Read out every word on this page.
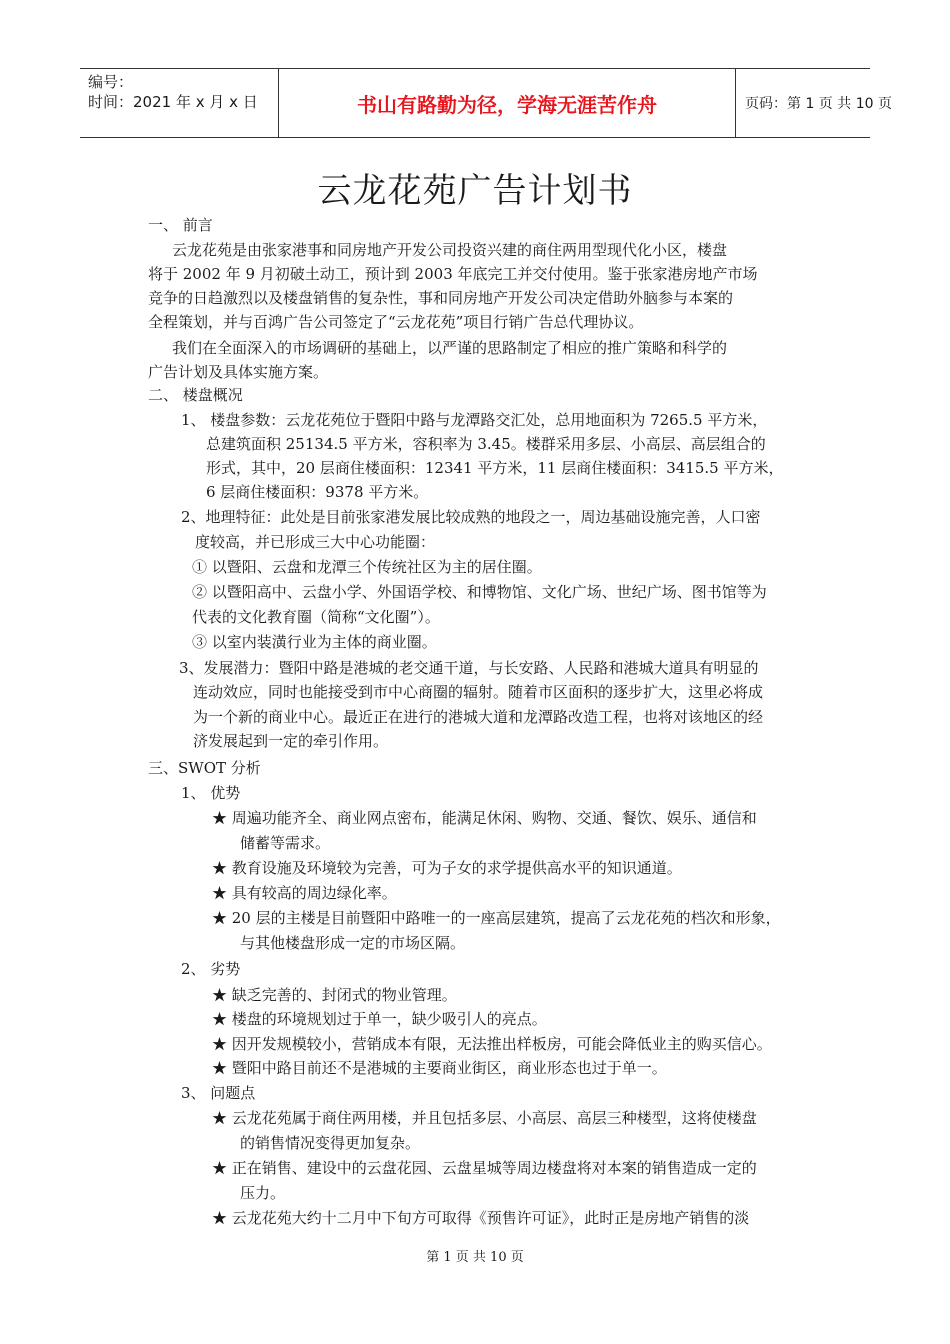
编号：
时间：2021 年 x 月 x 日	书山有路勤为径，学海无涯苦作舟	页码：第 1 页 共 10 页
云龙花苑广告计划书
一、 前言
云龙花苑是由张家港事和同房地产开发公司投资兴建的商住两用型现代化小区，楼盘
将于 2002 年 9 月初破土动工，预计到 2003 年底完工并交付使用。鉴于张家港房地产市场
竞争的日趋激烈以及楼盘销售的复杂性，事和同房地产开发公司决定借助外脑参与本案的
全程策划，并与百鸿广告公司签定了“云龙花苑”项目行销广告总代理协议。
我们在全面深入的市场调研的基础上，以严谨的思路制定了相应的推广策略和科学的
广告计划及具体实施方案。
二、 楼盘概况
1、 楼盘参数：云龙花苑位于暨阳中路与龙潭路交汇处，总用地面积为 7265.5 平方米，
总建筑面积 25134.5 平方米，容积率为 3.45。楼群采用多层、小高层、高层组合的
形式，其中，20 层商住楼面积：12341 平方米，11 层商住楼面积：3415.5 平方米，
6 层商住楼面积：9378 平方米。
2、地理特征：此处是目前张家港发展比较成熟的地段之一，周边基础设施完善，人口密
度较高，并已形成三大中心功能圈：
① 以暨阳、云盘和龙潭三个传统社区为主的居住圈。
② 以暨阳高中、云盘小学、外国语学校、和博物馆、文化广场、世纪广场、图书馆等为
代表的文化教育圈（简称“文化圈”）。
③ 以室内装潢行业为主体的商业圈。
3、发展潜力：暨阳中路是港城的老交通干道，与长安路、人民路和港城大道具有明显的
连动效应，同时也能接受到市中心商圈的辐射。随着市区面积的逐步扩大，这里必将成
为一个新的商业中心。最近正在进行的港城大道和龙潭路改造工程，也将对该地区的经
济发展起到一定的牵引作用。
三、SWOT 分析
1、 优势
★ 周遍功能齐全、商业网点密布，能满足休闲、购物、交通、餐饮、娱乐、通信和
储蓄等需求。
★ 教育设施及环境较为完善，可为子女的求学提供高水平的知识通道。
★ 具有较高的周边绿化率。
★ 20 层的主楼是目前暨阳中路唯一的一座高层建筑，提高了云龙花苑的档次和形象，
与其他楼盘形成一定的市场区隔。
2、 劣势
★ 缺乏完善的、封闭式的物业管理。
★ 楼盘的环境规划过于单一，缺少吸引人的亮点。
★ 因开发规模较小，营销成本有限，无法推出样板房，可能会降低业主的购买信心。
★ 暨阳中路目前还不是港城的主要商业街区，商业形态也过于单一。
3、 问题点
★ 云龙花苑属于商住两用楼，并且包括多层、小高层、高层三种楼型，这将使楼盘
的销售情况变得更加复杂。
★ 正在销售、建设中的云盘花园、云盘星城等周边楼盘将对本案的销售造成一定的
压力。
★ 云龙花苑大约十二月中下旬方可取得《预售许可证》，此时正是房地产销售的淡
第 1 页 共 10 页
